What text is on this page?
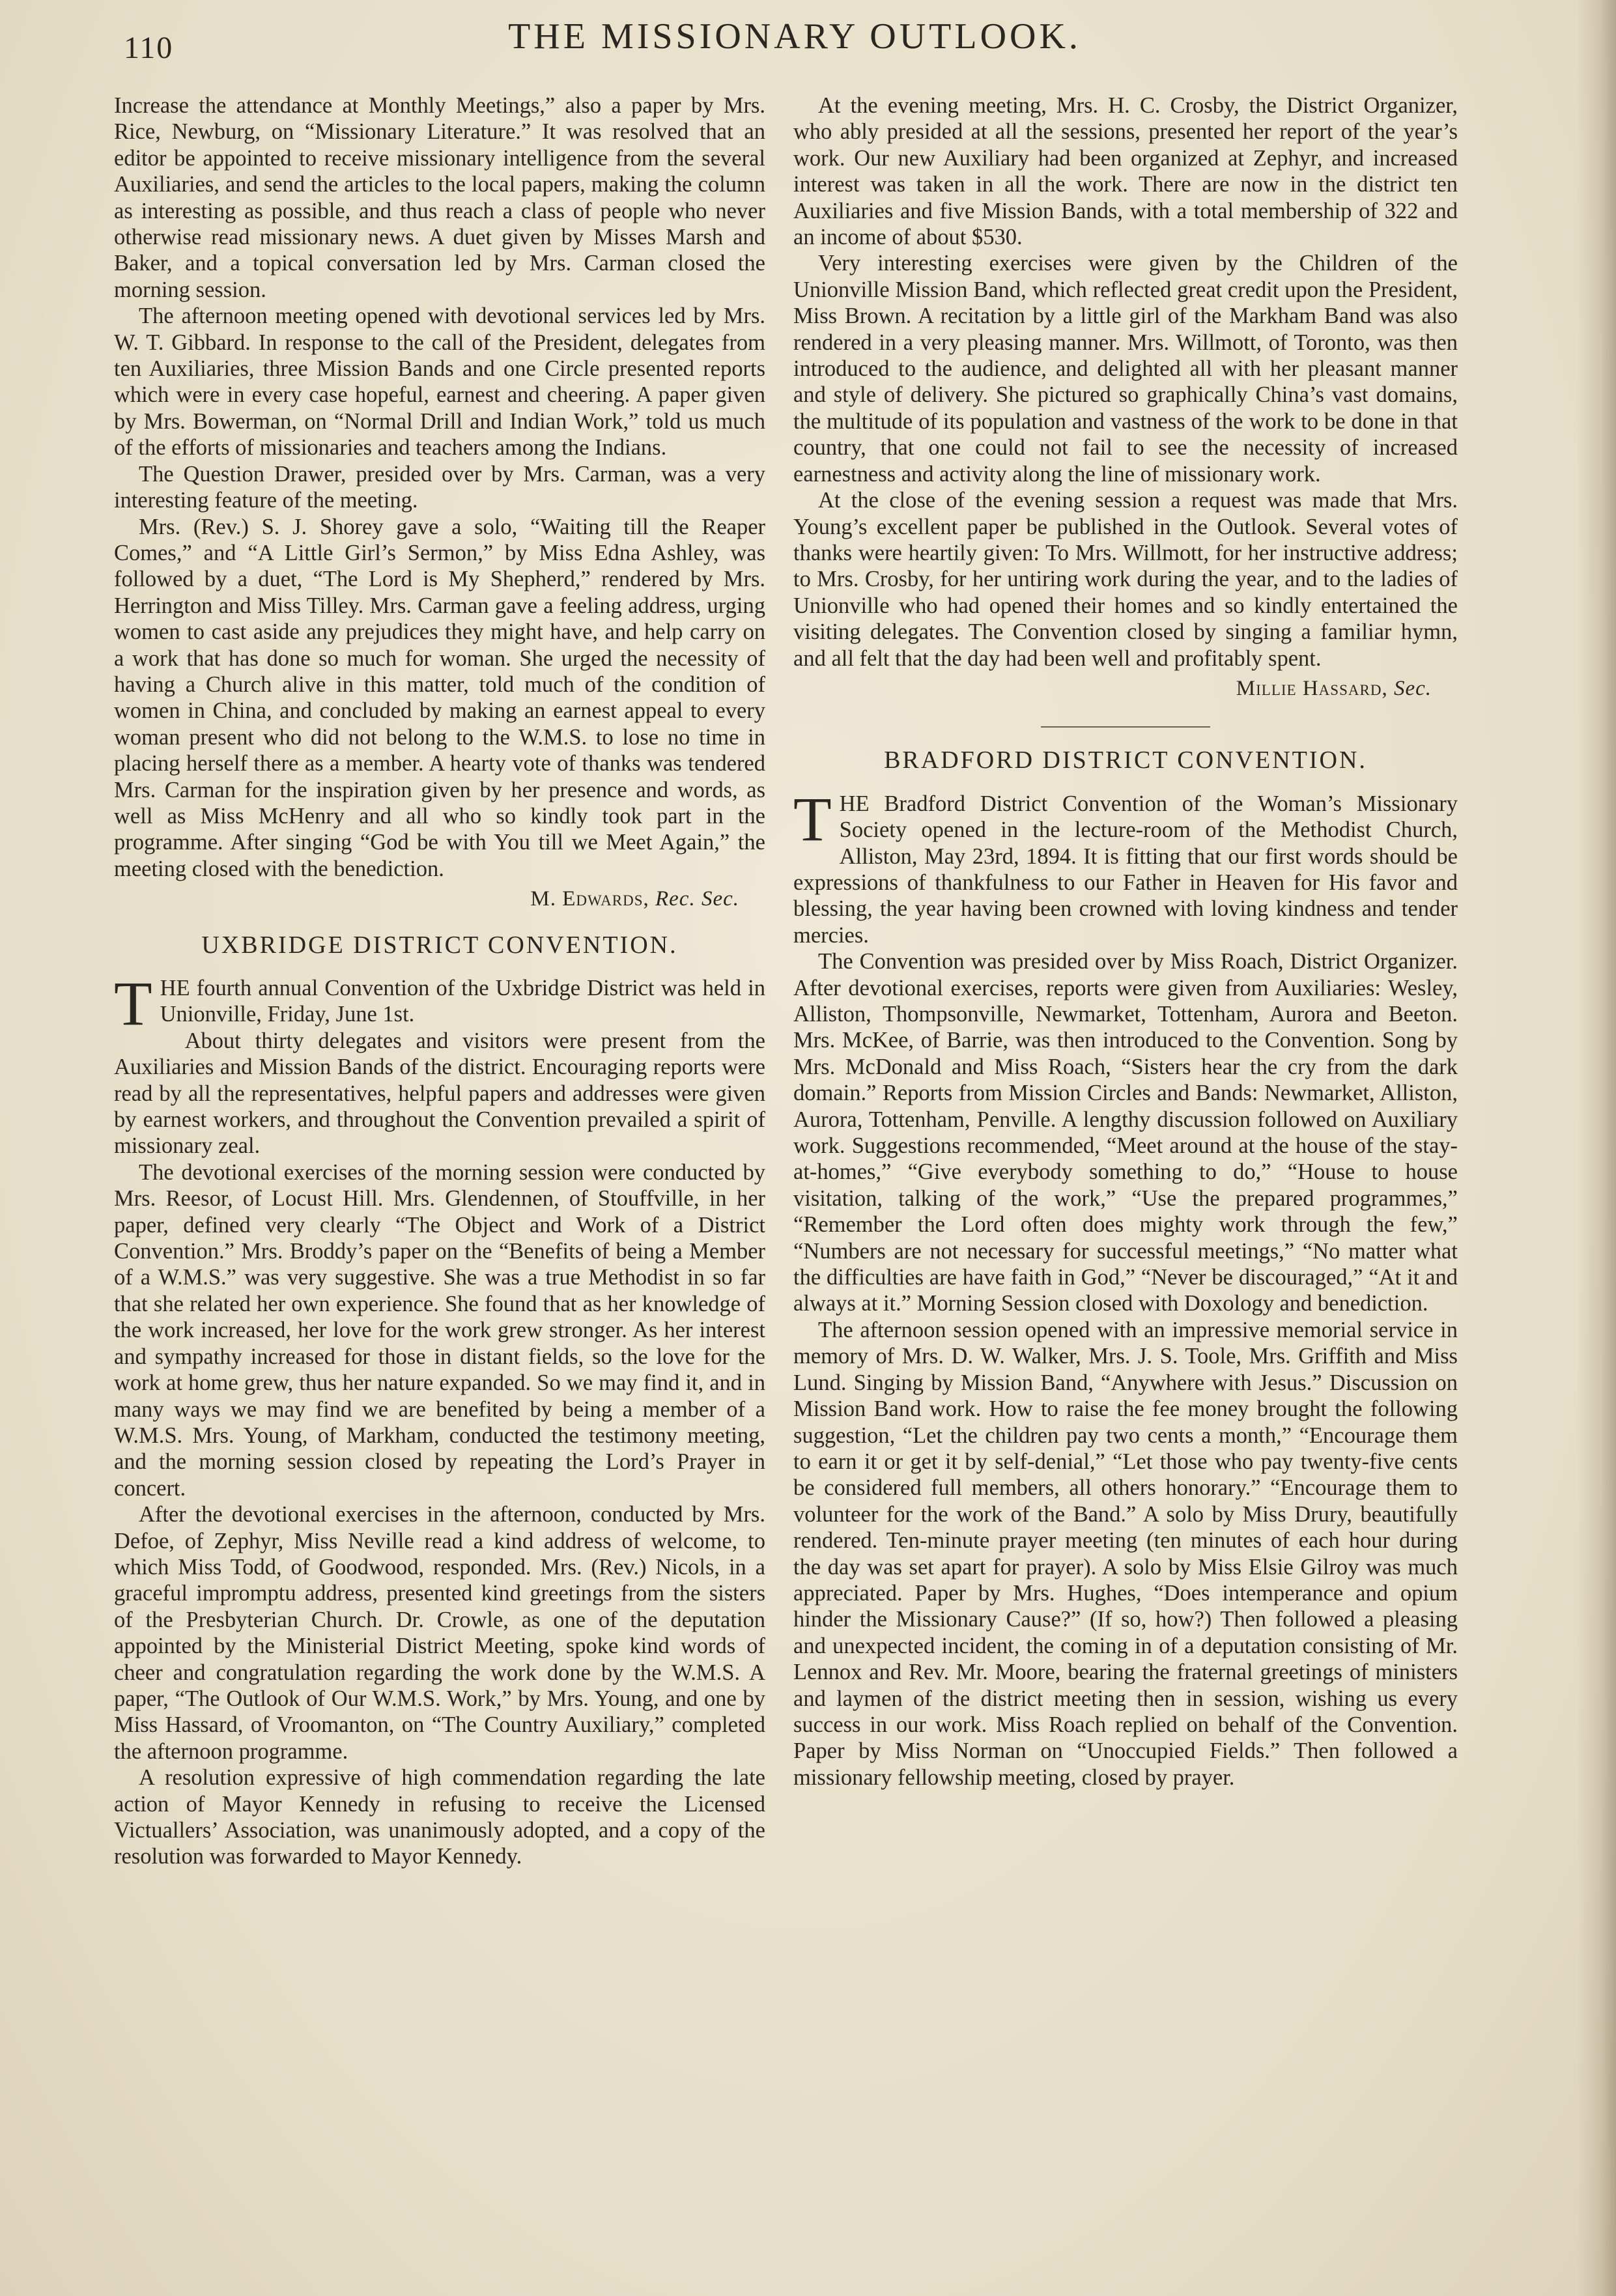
110	THE MISSIONARY OUTLOOK.

Increase the attendance at Monthly Meetings,” also a paper by Mrs. Rice, Newburg, on “Missionary Literature.” It was resolved that an editor be appointed to receive missionary intelligence from the several Auxiliaries, and send the articles to the local papers, making the column as interesting as possible, and thus reach a class of people who never otherwise read missionary news. A duet given by Misses Marsh and Baker, and a topical conversation led by Mrs. Carman closed the morning session.

The afternoon meeting opened with devotional services led by Mrs. W. T. Gibbard. In response to the call of the President, delegates from ten Auxiliaries, three Mission Bands and one Circle presented reports which were in every case hopeful, earnest and cheering. A paper given by Mrs. Bowerman, on “Normal Drill and Indian Work,” told us much of the efforts of missionaries and teachers among the Indians.

The Question Drawer, presided over by Mrs. Carman, was a very interesting feature of the meeting.

Mrs. (Rev.) S. J. Shorey gave a solo, “Waiting till the Reaper Comes,” and “A Little Girl’s Sermon,” by Miss Edna Ashley, was followed by a duet, “The Lord is My Shepherd,” rendered by Mrs. Herrington and Miss Tilley. Mrs. Carman gave a feeling address, urging women to cast aside any prejudices they might have, and help carry on a work that has done so much for woman. She urged the necessity of having a Church alive in this matter, told much of the condition of women in China, and concluded by making an earnest appeal to every woman present who did not belong to the W.M.S. to lose no time in placing herself there as a member. A hearty vote of thanks was tendered Mrs. Carman for the inspiration given by her presence and words, as well as Miss McHenry and all who so kindly took part in the programme. After singing “God be with You till we Meet Again,” the meeting closed with the benediction.

M. Edwards, Rec. Sec.
UXBRIDGE DISTRICT CONVENTION.

THE fourth annual Convention of the Uxbridge District was held in Unionville, Friday, June 1st.

About thirty delegates and visitors were present from the Auxiliaries and Mission Bands of the district. Encouraging reports were read by all the representatives, helpful papers and addresses were given by earnest workers, and throughout the Convention prevailed a spirit of missionary zeal.

The devotional exercises of the morning session were conducted by Mrs. Reesor, of Locust Hill. Mrs. Glendennen, of Stouffville, in her paper, defined very clearly “The Object and Work of a District Convention.” Mrs. Broddy’s paper on the “Benefits of being a Member of a W.M.S.” was very suggestive. She was a true Methodist in so far that she related her own experience. She found that as her knowledge of the work increased, her love for the work grew stronger. As her interest and sympathy increased for those in distant fields, so the love for the work at home grew, thus her nature expanded. So we may find it, and in many ways we may find we are benefited by being a member of a W.M.S. Mrs. Young, of Markham, conducted the testimony meeting, and the morning session closed by repeating the Lord’s Prayer in concert.

After the devotional exercises in the afternoon, conducted by Mrs. Defoe, of Zephyr, Miss Neville read a kind address of welcome, to which Miss Todd, of Goodwood, responded. Mrs. (Rev.) Nicols, in a graceful impromptu address, presented kind greetings from the sisters of the Presbyterian Church. Dr. Crowle, as one of the deputation appointed by the Ministerial District Meeting, spoke kind words of cheer and congratulation regarding the work done by the W.M.S. A paper, “The Outlook of Our W.M.S. Work,” by Mrs. Young, and one by Miss Hassard, of Vroomanton, on “The Country Auxiliary,” completed the afternoon programme.

A resolution expressive of high commendation regarding the late action of Mayor Kennedy in refusing to receive the Licensed Victuallers’ Association, was unanimously adopted, and a copy of the resolution was forwarded to Mayor Kennedy.

At the evening meeting, Mrs. H. C. Crosby, the District Organizer, who ably presided at all the sessions, presented her report of the year’s work. Our new Auxiliary had been organized at Zephyr, and increased interest was taken in all the work. There are now in the district ten Auxiliaries and five Mission Bands, with a total membership of 322 and an income of about $530.

Very interesting exercises were given by the Children of the Unionville Mission Band, which reflected great credit upon the President, Miss Brown. A recitation by a little girl of the Markham Band was also rendered in a very pleasing manner. Mrs. Willmott, of Toronto, was then introduced to the audience, and delighted all with her pleasant manner and style of delivery. She pictured so graphically China’s vast domains, the multitude of its population and vastness of the work to be done in that country, that one could not fail to see the necessity of increased earnestness and activity along the line of missionary work.

At the close of the evening session a request was made that Mrs. Young’s excellent paper be published in the Outlook. Several votes of thanks were heartily given: To Mrs. Willmott, for her instructive address; to Mrs. Crosby, for her untiring work during the year, and to the ladies of Unionville who had opened their homes and so kindly entertained the visiting delegates. The Convention closed by singing a familiar hymn, and all felt that the day had been well and profitably spent.

Millie Hassard, Sec.
BRADFORD DISTRICT CONVENTION.

THE Bradford District Convention of the Woman’s Missionary Society opened in the lecture-room of the Methodist Church, Alliston, May 23rd, 1894. It is fitting that our first words should be expressions of thankfulness to our Father in Heaven for His favor and blessing, the year having been crowned with loving kindness and tender mercies.

The Convention was presided over by Miss Roach, District Organizer. After devotional exercises, reports were given from Auxiliaries: Wesley, Alliston, Thompsonville, Newmarket, Tottenham, Aurora and Beeton. Mrs. McKee, of Barrie, was then introduced to the Convention. Song by Mrs. McDonald and Miss Roach, “Sisters hear the cry from the dark domain.” Reports from Mission Circles and Bands: Newmarket, Alliston, Aurora, Tottenham, Penville. A lengthy discussion followed on Auxiliary work. Suggestions recommended, “Meet around at the house of the stay-at-homes,” “Give everybody something to do,” “House to house visitation, talking of the work,” “Use the prepared programmes,” “Remember the Lord often does mighty work through the few,” “Numbers are not necessary for successful meetings,” “No matter what the difficulties are have faith in God,” “Never be discouraged,” “At it and always at it.” Morning Session closed with Doxology and benediction.

The afternoon session opened with an impressive memorial service in memory of Mrs. D. W. Walker, Mrs. J. S. Toole, Mrs. Griffith and Miss Lund. Singing by Mission Band, “Anywhere with Jesus.” Discussion on Mission Band work. How to raise the fee money brought the following suggestion, “Let the children pay two cents a month,” “Encourage them to earn it or get it by self-denial,” “Let those who pay twenty-five cents be considered full members, all others honorary.” “Encourage them to volunteer for the work of the Band.” A solo by Miss Drury, beautifully rendered. Ten-minute prayer meeting (ten minutes of each hour during the day was set apart for prayer). A solo by Miss Elsie Gilroy was much appreciated. Paper by Mrs. Hughes, “Does intemperance and opium hinder the Missionary Cause?” (If so, how?) Then followed a pleasing and unexpected incident, the coming in of a deputation consisting of Mr. Lennox and Rev. Mr. Moore, bearing the fraternal greetings of ministers and laymen of the district meeting then in session, wishing us every success in our work. Miss Roach replied on behalf of the Convention. Paper by Miss Norman on “Unoccupied Fields.” Then followed a missionary fellowship meeting, closed by prayer.
